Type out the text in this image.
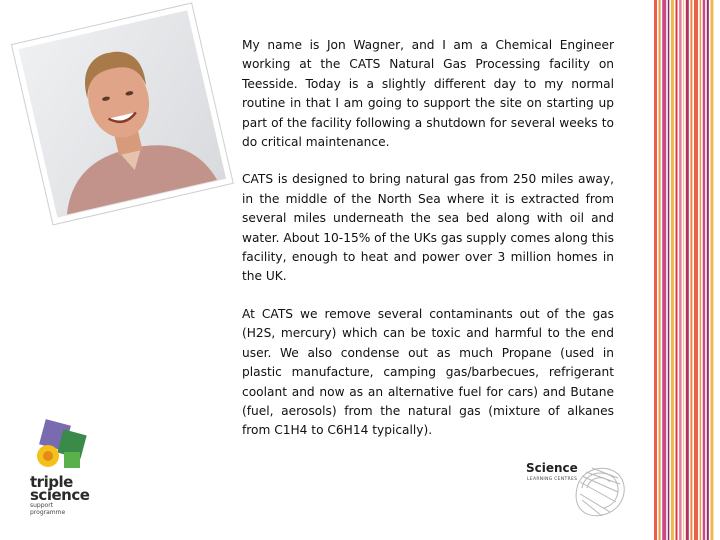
My name is Jon Wagner, and I am a Chemical Engineer working at the CATS Natural Gas Processing facility on Teesside. Today is a slightly different day to my normal routine in that I am going to support the site on starting up part of the facility following a shutdown for several weeks to do critical maintenance.

CATS is designed to bring natural gas from 250 miles away, in the middle of the North Sea where it is extracted from several miles underneath the sea bed along with oil and water. About 10-15% of the UKs gas supply comes along this facility, enough to heat and power over 3 million homes in the UK.

At CATS we remove several contaminants out of the gas (H2S, mercury) which can be toxic and harmful to the end user. We also condense out as much Propane (used in plastic manufacture, camping gas/barbecues, refrigerant coolant and now as an alternative fuel for cars) and Butane (fuel, aerosols) from the natural gas (mixture of alkanes from C1H4 to C6H14 typically).

triple
science
support
programme
Science
LEARNING CENTRES
